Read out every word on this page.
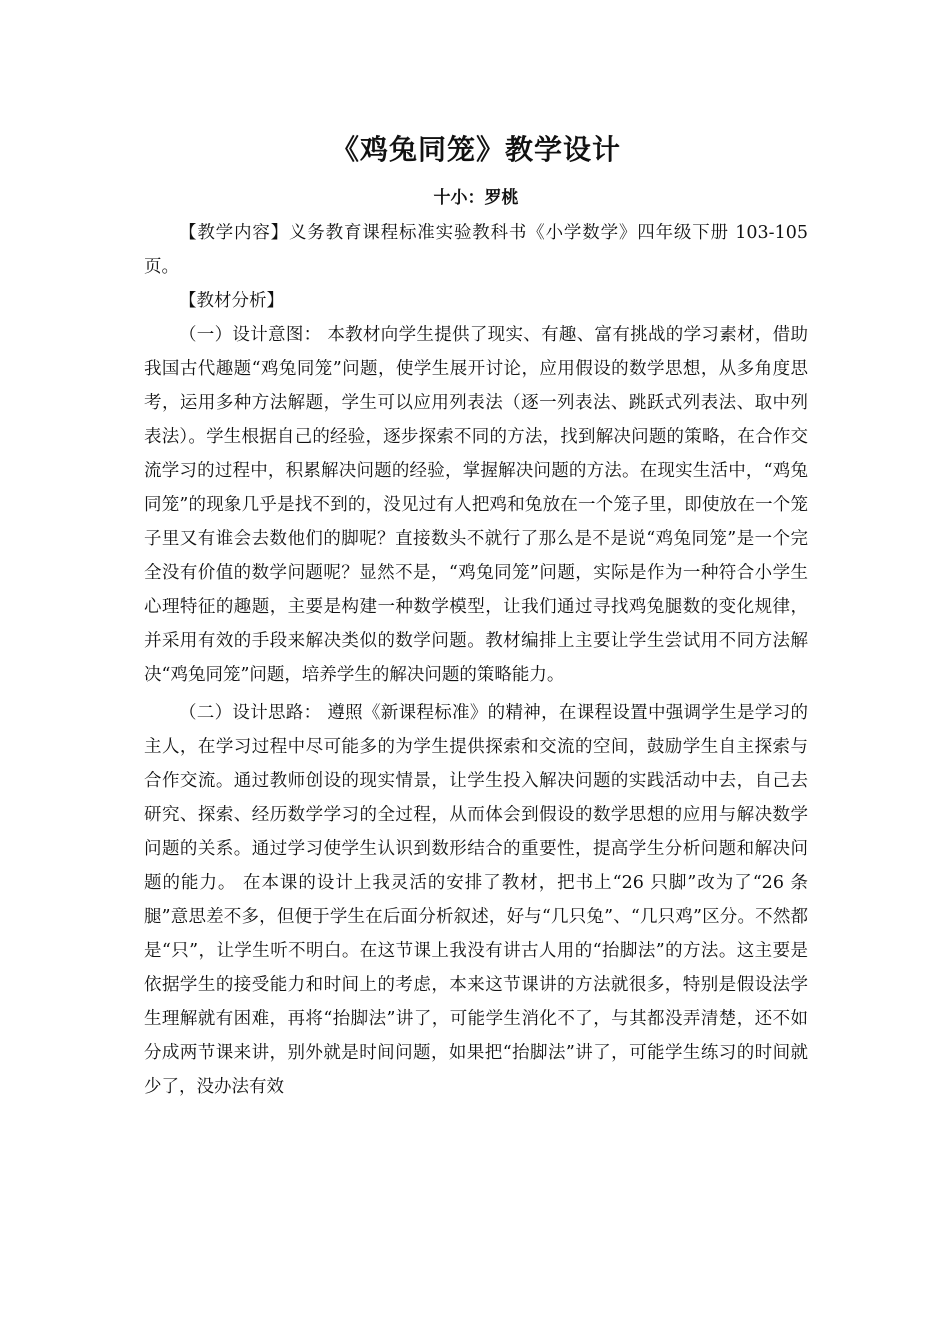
《鸡兔同笼》教学设计

十小：罗桃

【教学内容】义务教育课程标准实验教科书《小学数学》四年级下册 103-105 页。

【教材分析】

（一）设计意图： 本教材向学生提供了现实、有趣、富有挑战的学习素材，借助我国古代趣题“鸡兔同笼”问题，使学生展开讨论，应用假设的数学思想，从多角度思考，运用多种方法解题，学生可以应用列表法（逐一列表法、跳跃式列表法、取中列表法）。学生根据自己的经验，逐步探索不同的方法，找到解决问题的策略，在合作交流学习的过程中，积累解决问题的经验，掌握解决问题的方法。在现实生活中，“鸡兔同笼”的现象几乎是找不到的，没见过有人把鸡和兔放在一个笼子里，即使放在一个笼子里又有谁会去数他们的脚呢？直接数头不就行了那么是不是说“鸡兔同笼”是一个完全没有价值的数学问题呢？显然不是，“鸡兔同笼”问题，实际是作为一种符合小学生心理特征的趣题，主要是构建一种数学模型，让我们通过寻找鸡兔腿数的变化规律，并采用有效的手段来解决类似的数学问题。教材编排上主要让学生尝试用不同方法解决“鸡兔同笼”问题，培养学生的解决问题的策略能力。

（二）设计思路： 遵照《新课程标准》的精神，在课程设置中强调学生是学习的主人，在学习过程中尽可能多的为学生提供探索和交流的空间，鼓励学生自主探索与合作交流。通过教师创设的现实情景，让学生投入解决问题的实践活动中去，自己去研究、探索、经历数学学习的全过程，从而体会到假设的数学思想的应用与解决数学问题的关系。通过学习使学生认识到数形结合的重要性，提高学生分析问题和解决问题的能力。 在本课的设计上我灵活的安排了教材，把书上“26 只脚”改为了“26 条腿”意思差不多，但便于学生在后面分析叙述，好与“几只兔”、“几只鸡”区分。不然都是“只”，让学生听不明白。在这节课上我没有讲古人用的“抬脚法”的方法。这主要是依据学生的接受能力和时间上的考虑，本来这节课讲的方法就很多，特别是假设法学生理解就有困难，再将“抬脚法”讲了，可能学生消化不了，与其都没弄清楚，还不如分成两节课来讲，别外就是时间问题，如果把“抬脚法”讲了，可能学生练习的时间就少了，没办法有效
